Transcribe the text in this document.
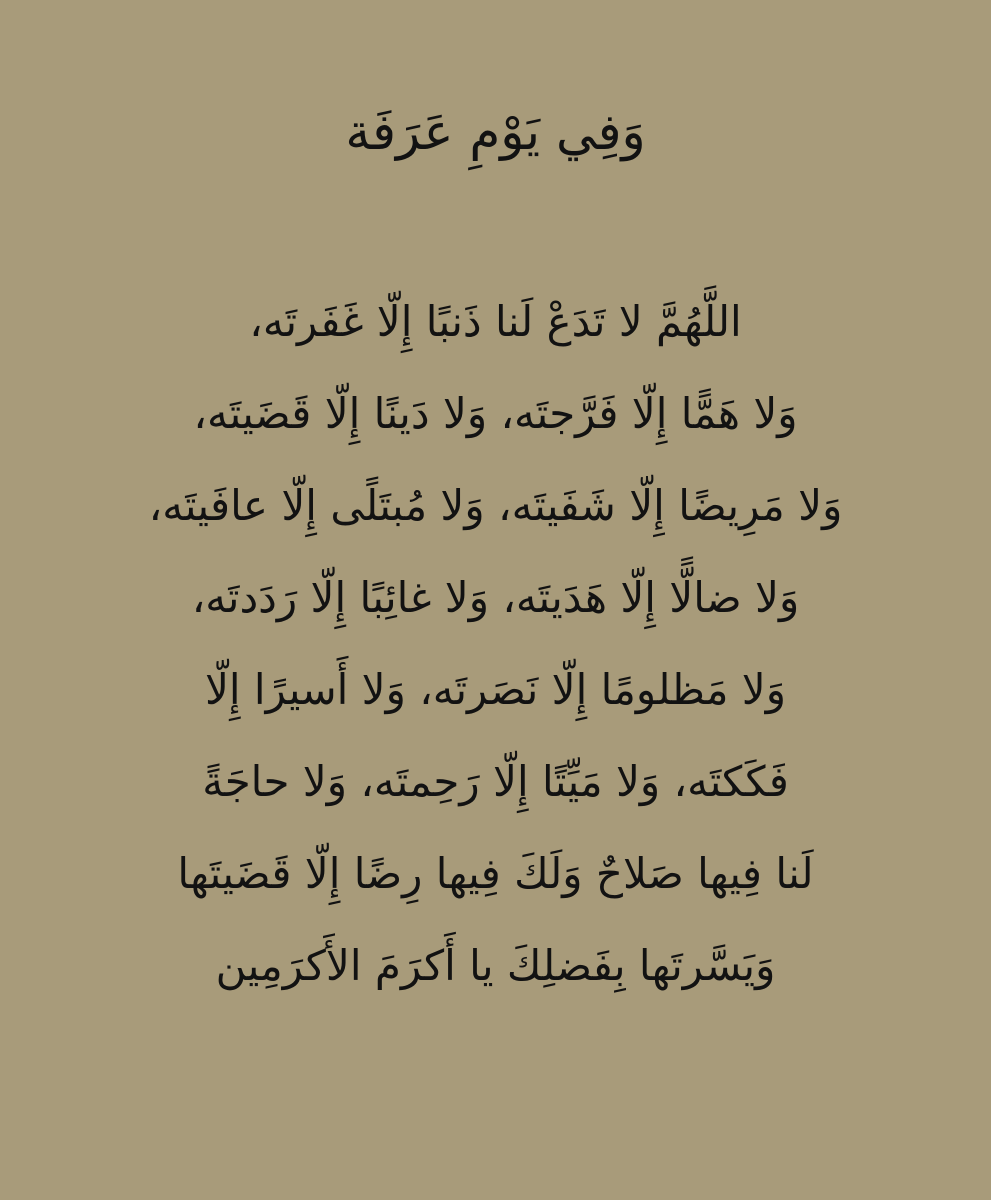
وَفِي يَوْمِ عَرَفَة
اللَّهُمَّ لا تَدَعْ لَنا ذَنبًا إِلّا غَفَرتَه،
وَلا هَمًّا إِلّا فَرَّجتَه، وَلا دَينًا إِلّا قَضَيتَه،
وَلا مَرِيضًا إِلّا شَفَيتَه، وَلا مُبتَلًى إِلّا عافَيتَه،
وَلا ضالًّا إِلّا هَدَيتَه، وَلا غائِبًا إِلّا رَدَدتَه،
وَلا مَظلومًا إِلّا نَصَرتَه، وَلا أَسيرًا إِلّا
فَكَكتَه، وَلا مَيِّتًا إِلّا رَحِمتَه، وَلا حاجَةً
لَنا فِيها صَلاحٌ وَلَكَ فِيها رِضًا إِلّا قَضَيتَها
وَيَسَّرتَها بِفَضلِكَ يا أَكرَمَ الأَكرَمِين
